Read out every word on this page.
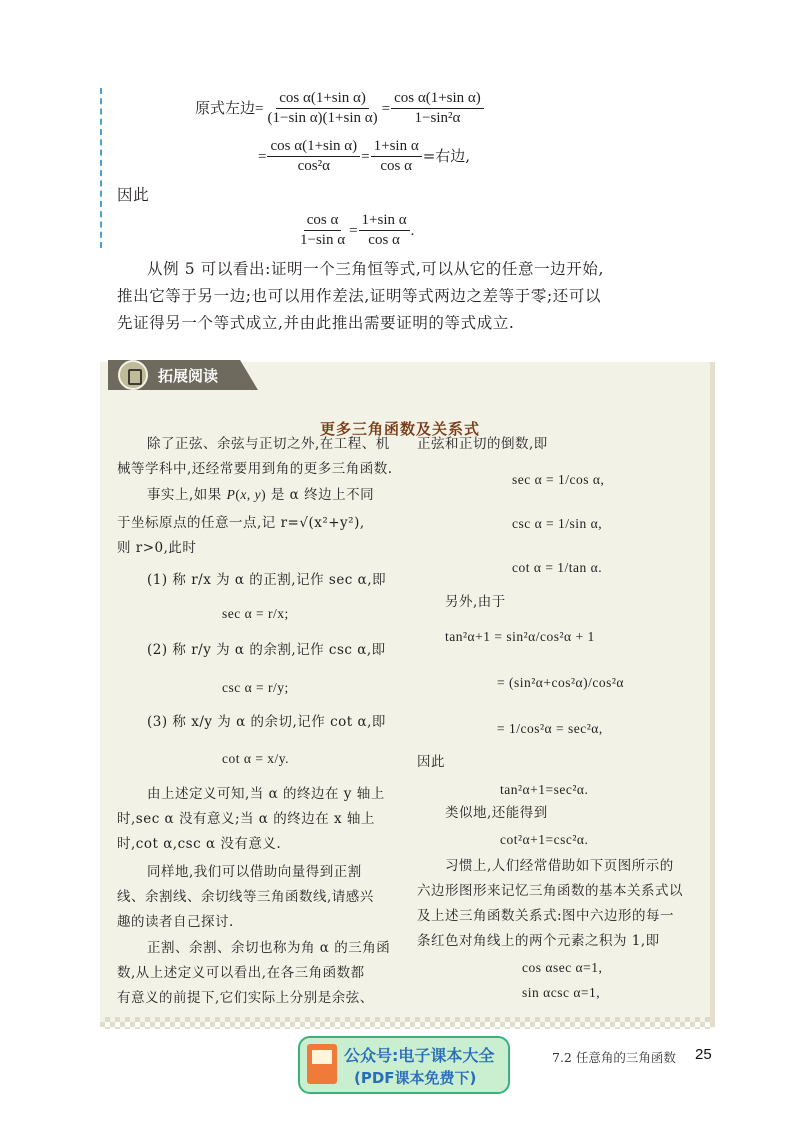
原式左边= $\frac{\text{cos α(1+sin α)}}{\text{(1−sin α)(1+sin α)}} = \frac{\text{cos α(1+sin α)}}{\text{1−sin²α}}$
= $\frac{\text{cos α(1+sin α)}}{\text{cos²α}} = \frac{\text{1+sin α}}{\text{cos α}}$ =右边,
因此
$\frac{\text{cos α}}{\text{1−sin α}} = \frac{\text{1+sin α}}{\text{cos α}}$ .
从例 5 可以看出:证明一个三角恒等式,可以从它的任意一边开始,
推出它等于另一边;也可以用作差法,证明等式两边之差等于零;还可以
先证得另一个等式成立,并由此推出需要证明的等式成立.
拓展阅读
更多三角函数及关系式
除了正弦、余弦与正切之外,在工程、机
械等学科中,还经常要用到角的更多三角函数.
事实上,如果 P(x, y) 是 α 终边上不同
于坐标原点的任意一点,记 r=√(x²+y²),
则 r>0,此时
(1) 称 r/x 为 α 的正割,记作 sec α,即
sec α = r/x;
(2) 称 r/y 为 α 的余割,记作 csc α,即
csc α = r/y;
(3) 称 x/y 为 α 的余切,记作 cot α,即
cot α = x/y.
由上述定义可知,当 α 的终边在 y 轴上
时,sec α 没有意义;当 α 的终边在 x 轴上
时,cot α,csc α 没有意义.
同样地,我们可以借助向量得到正割
线、余割线、余切线等三角函数线,请感兴
趣的读者自己探讨.
正割、余割、余切也称为角 α 的三角函
数,从上述定义可以看出,在各三角函数都
有意义的前提下,它们实际上分别是余弦、
正弦和正切的倒数,即
sec α = 1/cos α,
csc α = 1/sin α,
cot α = 1/tan α.
另外,由于
tan²α+1 = sin²α/cos²α + 1
= (sin²α+cos²α)/cos²α
= 1/cos²α = sec²α,
因此
tan²α+1=sec²α.
类似地,还能得到
cot²α+1=csc²α.
习惯上,人们经常借助如下页图所示的
六边形图形来记忆三角函数的基本关系式以
及上述三角函数关系式:图中六边形的每一
条红色对角线上的两个元素之积为 1,即
cos αsec α=1,
sin αcsc α=1,
公众号:电子课本大全
(PDF课本免费下)
7.2 任意角的三角函数 25
